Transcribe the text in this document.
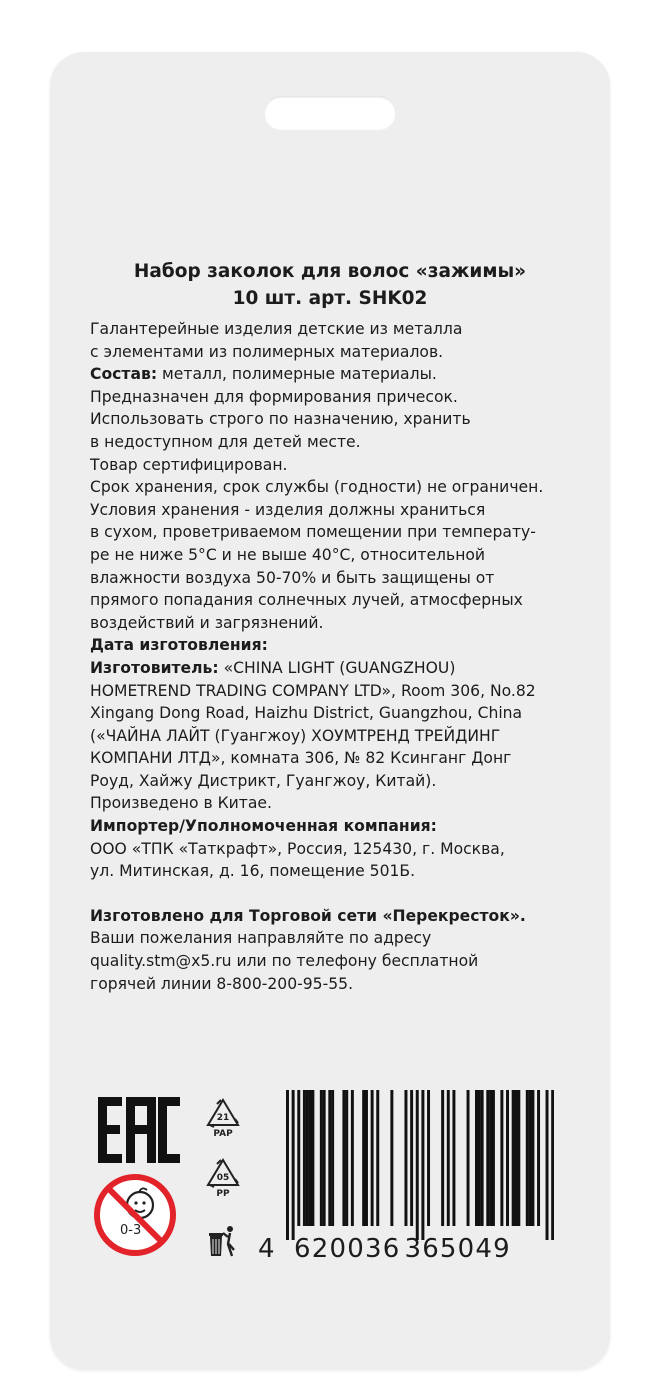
Набор заколок для волос «зажимы»
10 шт. арт. SHK02
Галантерейные изделия детские из металла
с элементами из полимерных материалов.
Состав: металл, полимерные материалы.
Предназначен для формирования причесок.
Использовать строго по назначению, хранить
в недоступном для детей месте.
Товар сертифицирован.
Срок хранения, срок службы (годности) не ограничен.
Условия хранения - изделия должны храниться
в сухом, проветриваемом помещении при температу-
ре не ниже 5°С и не выше 40°С, относительной
влажности воздуха 50-70% и быть защищены от
прямого попадания солнечных лучей, атмосферных
воздействий и загрязнений.
Дата изготовления:
Изготовитель: «CHINA LIGHT (GUANGZHOU)
HOMETREND TRADING COMPANY LTD», Room 306, No.82
Xingang Dong Road, Haizhu District, Guangzhou, China
(«ЧАЙНА ЛАЙТ (Гуангжоу) ХОУМТРЕНД ТРЕЙДИНГ
КОМПАНИ ЛТД», комната 306, № 82 Ксинганг Донг
Роуд, Хайжу Дистрикт, Гуангжоу, Китай).
Произведено в Китае.
Импортер/Уполномоченная компания:
ООО «ТПК «Таткрафт», Россия, 125430, г. Москва,
ул. Митинская, д. 16, помещение 501Б.
Изготовлено для Торговой сети «Перекресток».
Ваши пожелания направляйте по адресу
quality.stm@x5.ru или по телефону бесплатной
горячей линии 8-800-200-95-55.
0-3
21
PAP
05
PP
4 620036 365049
